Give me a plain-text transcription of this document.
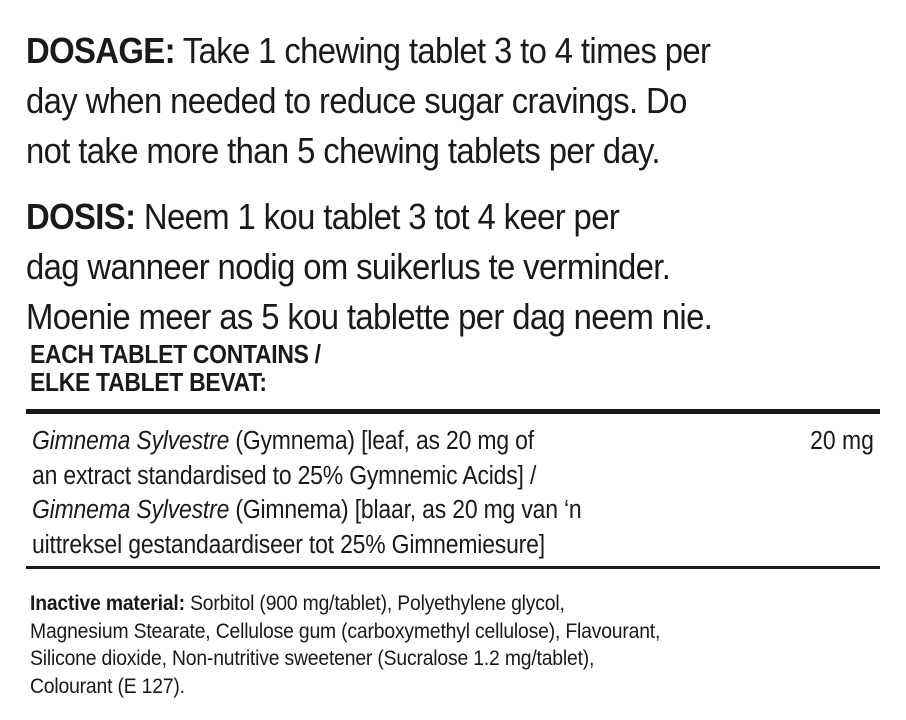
DOSAGE: Take 1 chewing tablet 3 to 4 times per
day when needed to reduce sugar cravings. Do
not take more than 5 chewing tablets per day.

DOSIS: Neem 1 kou tablet 3 tot 4 keer per
dag wanneer nodig om suikerlus te verminder.
Moenie meer as 5 kou tablette per dag neem nie.

EACH TABLET CONTAINS /
ELKE TABLET BEVAT:
Gimnema Sylvestre (Gymnema) [leaf, as 20 mg of
an extract standardised to 25% Gymnemic Acids] /
Gimnema Sylvestre (Gimnema) [blaar, as 20 mg van ‘n
uittreksel gestandaardiseer tot 25% Gimnemiesure]
20 mg
Inactive material: Sorbitol (900 mg/tablet), Polyethylene glycol,
Magnesium Stearate, Cellulose gum (carboxymethyl cellulose), Flavourant,
Silicone dioxide, Non-nutritive sweetener (Sucralose 1.2 mg/tablet),
Colourant (E 127).
